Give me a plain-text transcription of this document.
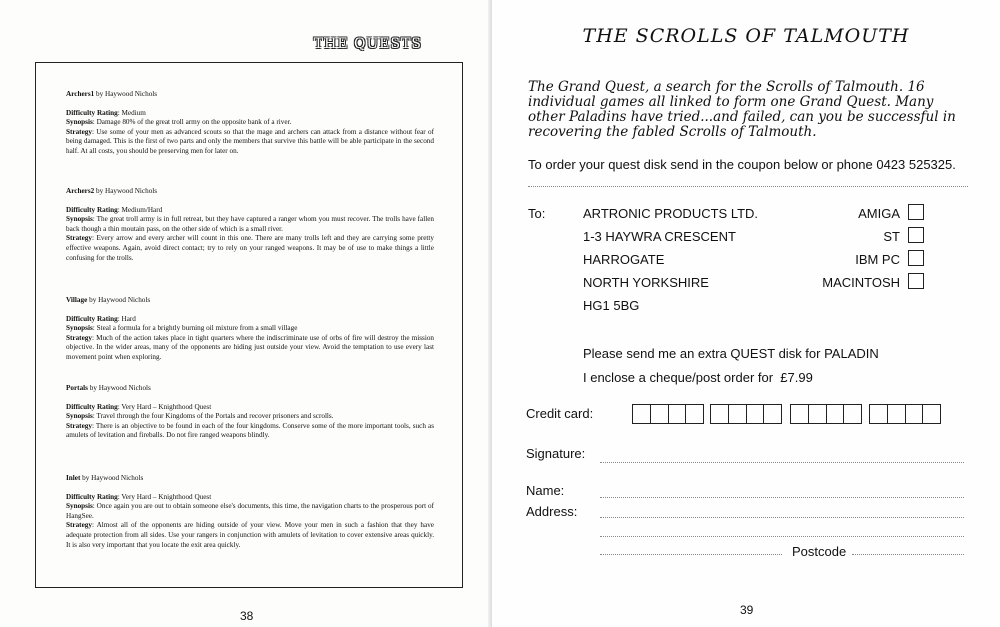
THE QUESTS

Archers1 by Haywood Nichols

Difficulty Rating: Medium

Synopsis: Damage 80% of the great troll army on the opposite bank of a river.

Strategy: Use some of your men as advanced scouts so that the mage and archers can attack from a distance without fear of being damaged. This is the first of two parts and only the members that survive this battle will be able participate in the second half. At all costs, you should be preserving men for later on.

Archers2 by Haywood Nichols

Difficulty Rating: Medium/Hard

Synopsis: The great troll army is in full retreat, but they have captured a ranger whom you must recover. The trolls have fallen back though a thin moutain pass, on the other side of which is a small river.

Strategy: Every arrow and every archer will count in this one. There are many trolls left and they are carrying some pretty effective weapons. Again, avoid direct contact; try to rely on your ranged weapons. It may be of use to make things a little confusing for the trolls.

Village by Haywood Nichols

Difficulty Rating: Hard

Synopsis: Steal a formula for a brightly burning oil mixture from a small village

Strategy: Much of the action takes place in tight quarters where the indiscriminate use of orbs of fire will destroy the mission objective. In the wider areas, many of the opponents are hiding just outside your view. Avoid the temptation to use every last movement point when exploring.

Portals by Haywood Nichols

Difficulty Rating: Very Hard – Knighthood Quest

Synopsis: Travel through the four Kingdoms of the Portals and recover prisoners and scrolls.

Strategy: There is an objective to be found in each of the four kingdoms. Conserve some of the more important tools, such as amulets of levitation and fireballs. Do not fire ranged weapons blindly.

Inlet by Haywood Nichols

Difficulty Rating: Very Hard – Knighthood Quest

Synopsis: Once again you are out to obtain someone else's documents, this time, the navigation charts to the prosperous port of HangSee.

Strategy: Almost all of the opponents are hiding outside of your view. Move your men in such a fashion that they have adequate protection from all sides. Use your rangers in conjunction with amulets of levitation to cover extensive areas quickly. It is also very important that you locate the exit area quickly.

38
THE SCROLLS OF TALMOUTH
The Grand Quest, a search for the Scrolls of Talmouth. 16 individual games all linked to form one Grand Quest. Many other Paladins have tried...and failed, can you be successful in recovering the fabled Scrolls of Talmouth.
To order your quest disk send in the coupon below or phone 0423 525325.
To:	ARTRONIC PRODUCTS LTD.
1-3 HAYWRA CRESCENT
HARROGATE
NORTH YORKSHIRE
HG1 5BG
AMIGA
ST
IBM PC
MACINTOSH
Please send me an extra QUEST disk for PALADIN
I enclose a cheque/post order for £7.99
Credit card:
Signature:
Name:
Address:
Postcode
39
